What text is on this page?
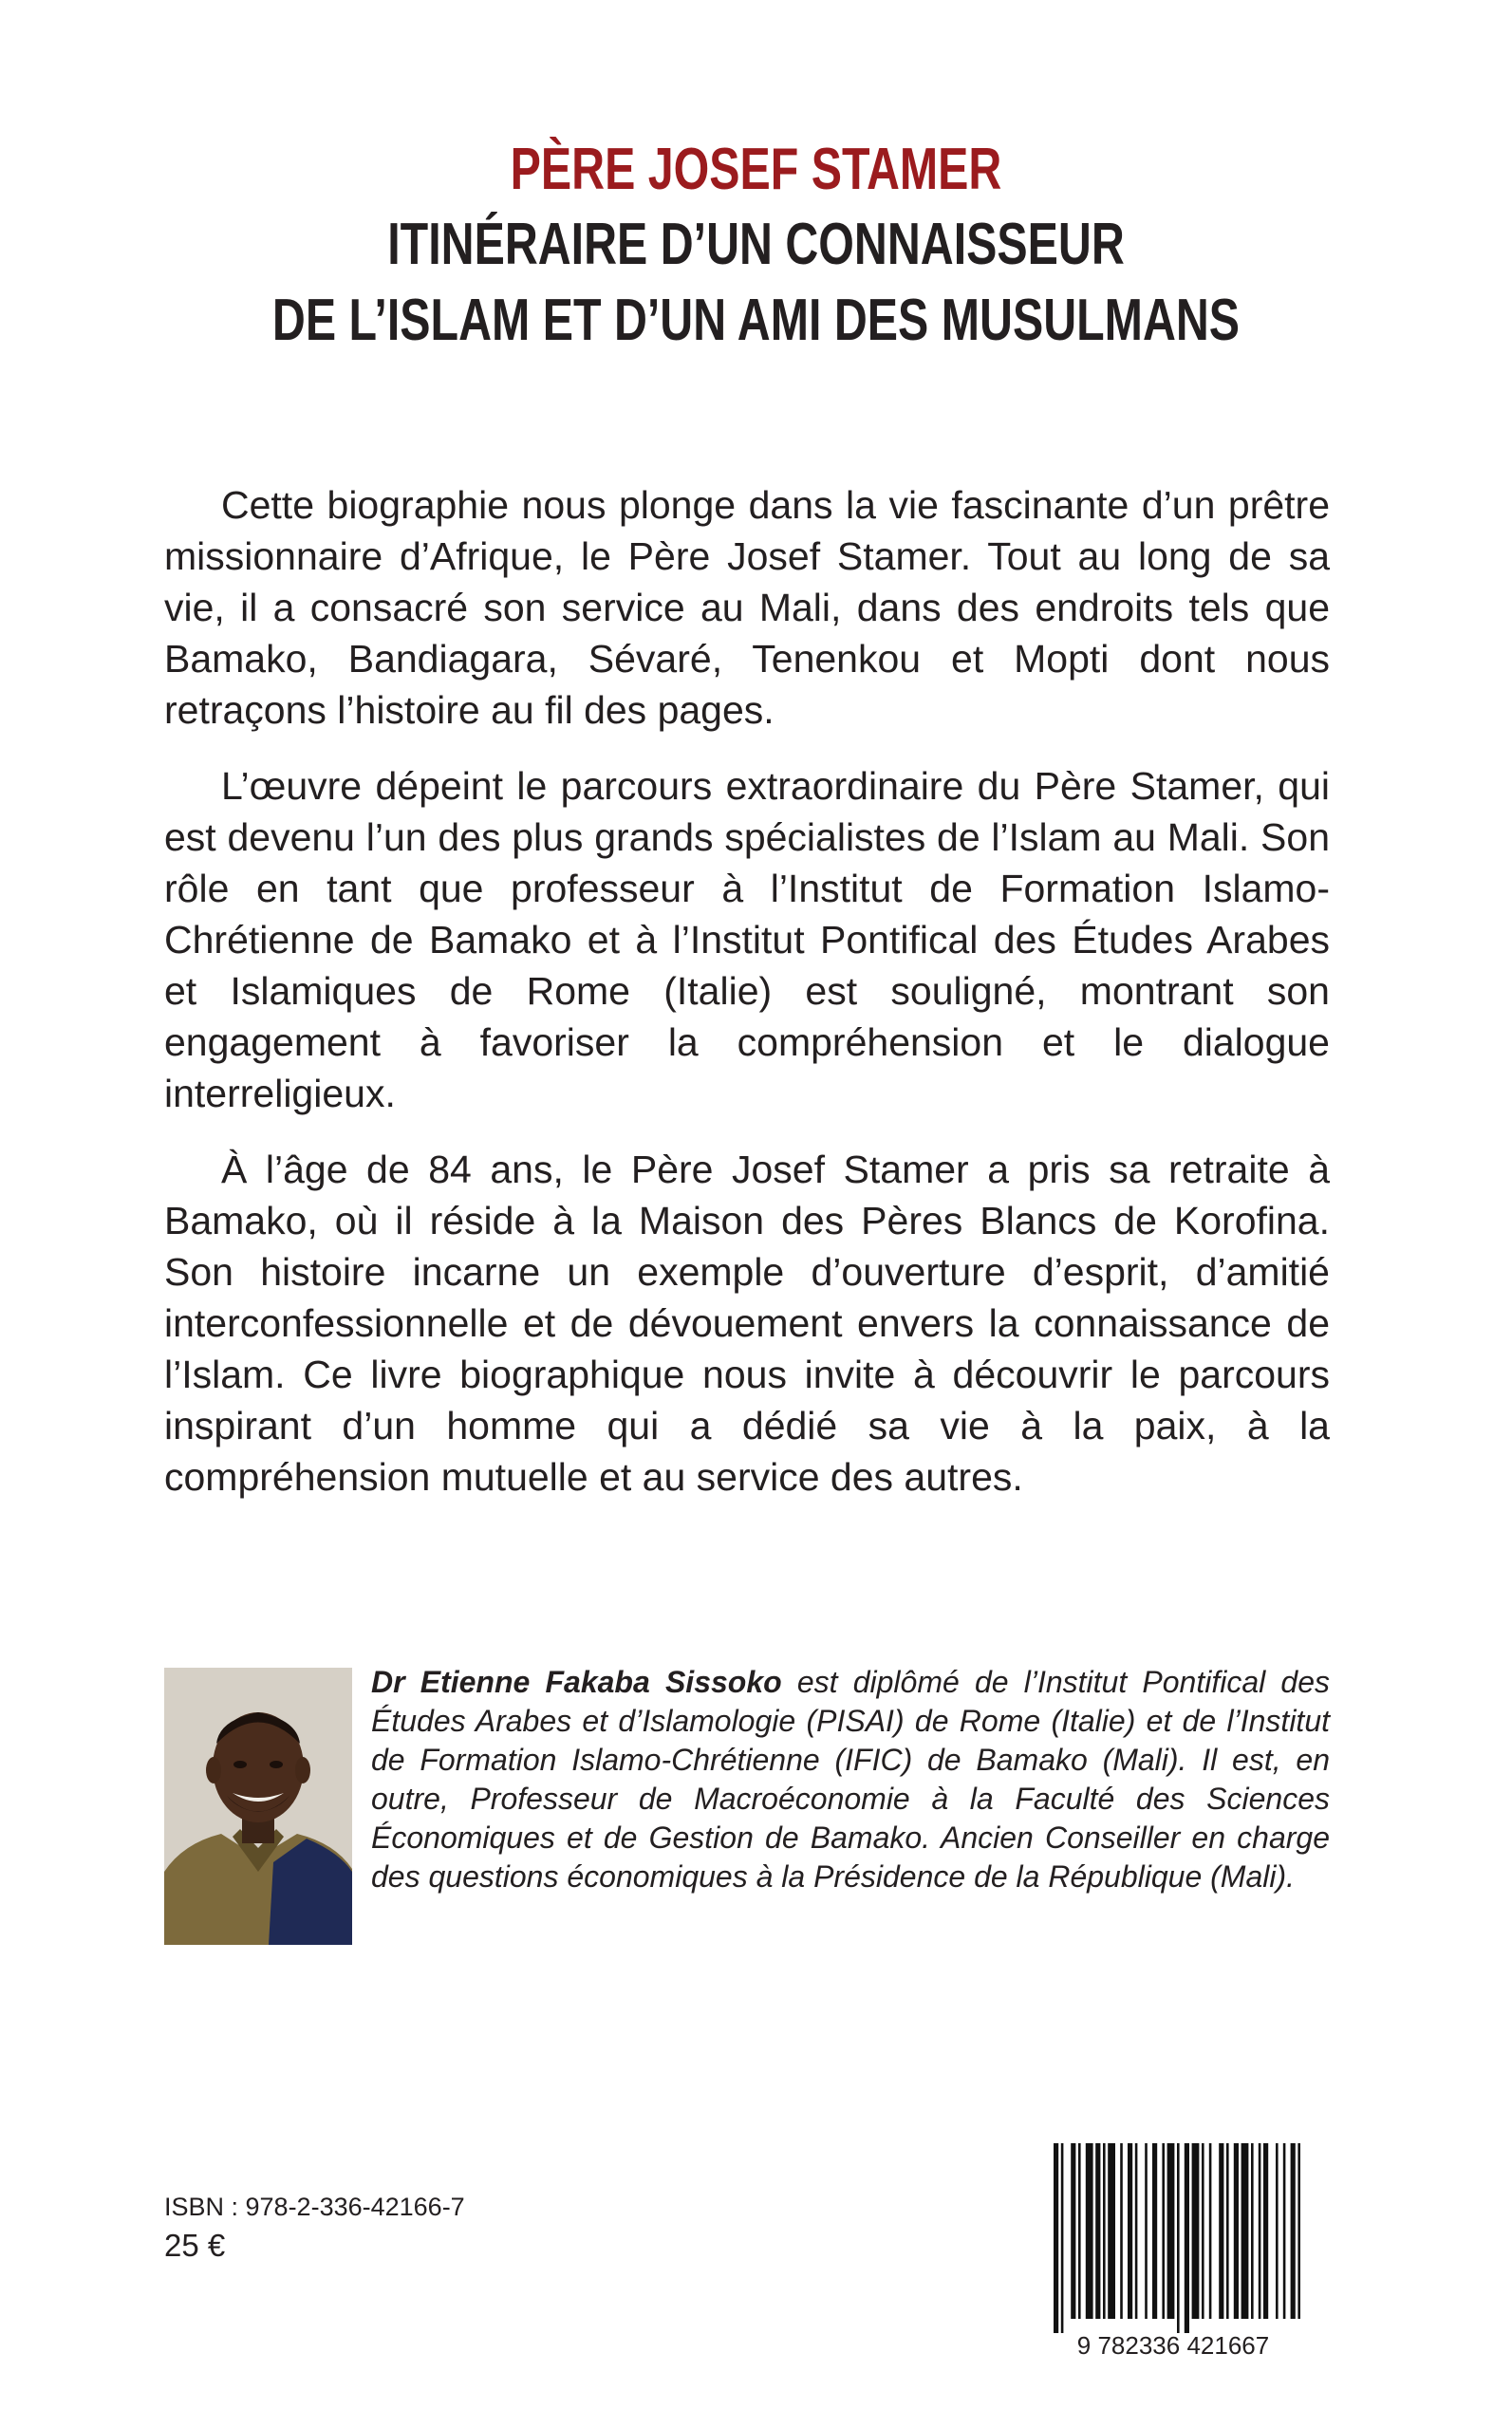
PÈRE JOSEF STAMER
ITINÉRAIRE D’UN CONNAISSEUR
DE L’ISLAM ET D’UN AMI DES MUSULMANS

Cette biographie nous plonge dans la vie fascinante d’un prêtre missionnaire d’Afrique, le Père Josef Stamer. Tout au long de sa vie, il a consacré son service au Mali, dans des endroits tels que Bamako, Bandiagara, Sévaré, Tenenkou et Mopti dont nous retraçons l’histoire au fil des pages.

L’œuvre dépeint le parcours extraordinaire du Père Stamer, qui est devenu l’un des plus grands spécialistes de l’Islam au Mali. Son rôle en tant que professeur à l’Institut de Formation Islamo-Chrétienne de Bamako et à l’Institut Pontifical des Études Arabes et Islamiques de Rome (Italie) est souligné, montrant son engagement à favoriser la compréhension et le dialogue interreligieux.

À l’âge de 84 ans, le Père Josef Stamer a pris sa retraite à Bamako, où il réside à la Maison des Pères Blancs de Korofina. Son histoire incarne un exemple d’ouverture d’esprit, d’amitié interconfessionnelle et de dévouement envers la connaissance de l’Islam. Ce livre biographique nous invite à découvrir le parcours inspirant d’un homme qui a dédié sa vie à la paix, à la compréhension mutuelle et au service des autres.

Dr Etienne Fakaba Sissoko est diplômé de l’Institut Pontifical des Études Arabes et d’Islamologie (PISAI) de Rome (Italie) et de l’Institut de Formation Islamo-Chrétienne (IFIC) de Bamako (Mali). Il est, en outre, Professeur de Macroéconomie à la Faculté des Sciences Économiques et de Gestion de Bamako. Ancien Conseiller en charge des questions économiques à la Présidence de la République (Mali).
ISBN : 978-2-336-42166-7
25 €
9 782336 421667
